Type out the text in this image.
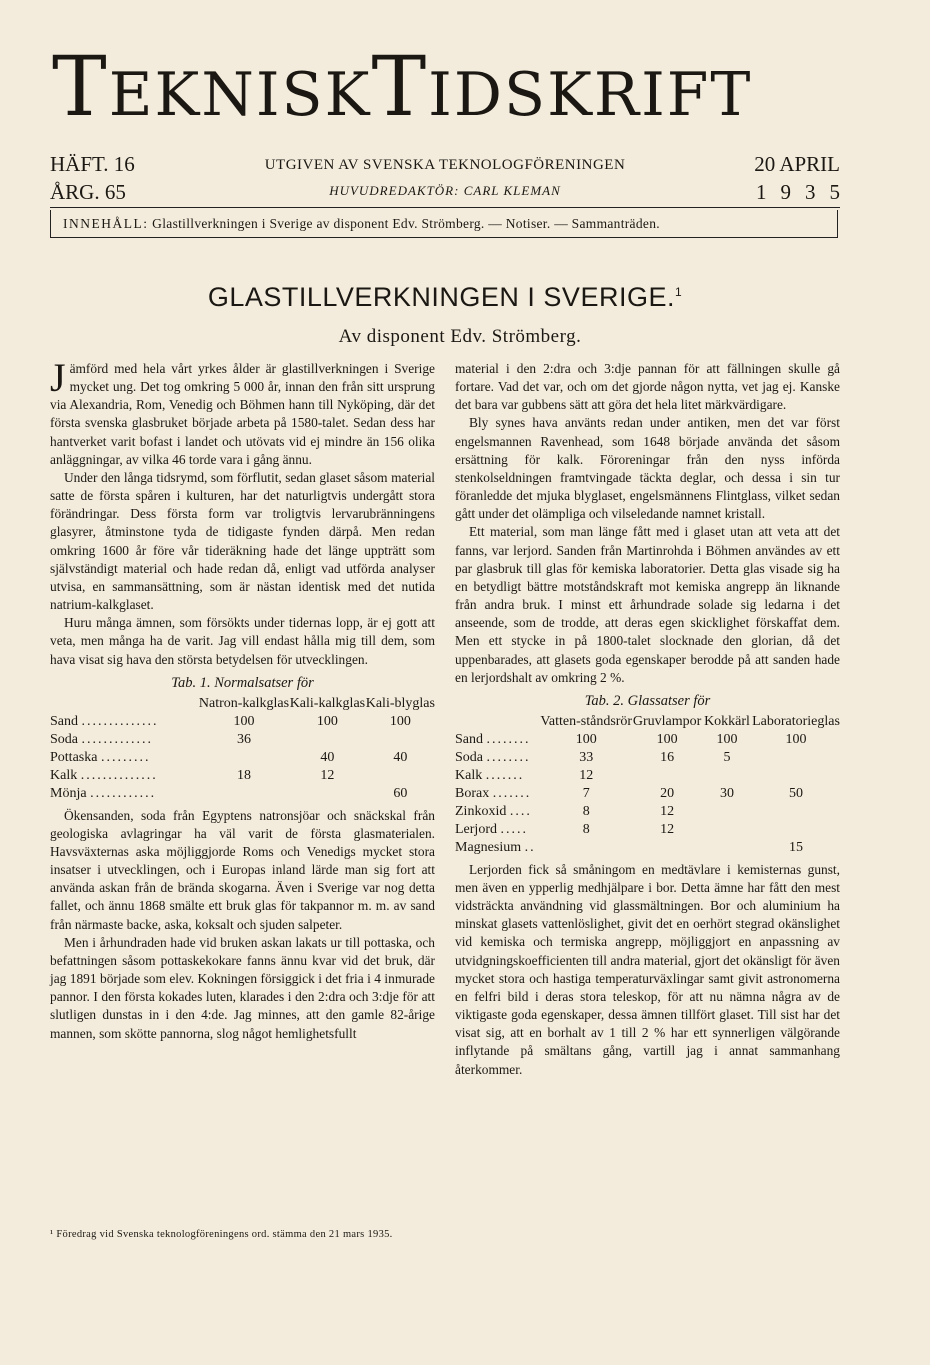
TEKNISKTIDSKRIFT
HÄFT. 16
ÅRG. 65
UTGIVEN AV SVENSKA TEKNOLOGFÖRENINGEN
HUVUDREDAKTÖR: CARL KLEMAN
20 APRIL
1935
INNEHÅLL: Glastillverkningen i Sverige av disponent Edv. Strömberg. — Notiser. — Sammanträden.
GLASTILLVERKNINGEN I SVERIGE.$^1$
Av disponent Edv. Strömberg.

Jämförd med hela vårt yrkes ålder är glastillverkningen i Sverige mycket ung. Det tog omkring 5 000 år, innan den från sitt ursprung via Alexandria, Rom, Venedig och Böhmen hann till Nyköping, där det första svenska glasbruket började arbeta på 1580-talet. Sedan dess har hantverket varit bofast i landet och utövats vid ej mindre än 156 olika anläggningar, av vilka 46 torde vara i gång ännu.

Under den långa tidsrymd, som förflutit, sedan glaset såsom material satte de första spåren i kulturen, har det naturligtvis undergått stora förändringar. Dess första form var troligtvis lervarubränningens glasyrer, åtminstone tyda de tidigaste fynden därpå. Men redan omkring 1600 år före vår tideräkning hade det länge uppträtt som självständigt material och hade redan då, enligt vad utförda analyser utvisa, en sammansättning, som är nästan identisk med det nutida natrium-kalkglaset.

Huru många ämnen, som försökts under tidernas lopp, är ej gott att veta, men många ha de varit. Jag vill endast hålla mig till dem, som hava visat sig hava den största betydelsen för utvecklingen.

Tab. 1. Normalsatser för
	Natron-kalkglas	Kali-kalkglas	Kali-blyglas
Sand ..............	100	100	100
Soda .............	36		
Pottaska .........		40	40
Kalk ..............	18	12	
Mönja ............			60

Ökensanden, soda från Egyptens natronsjöar och snäckskal från geologiska avlagringar ha väl varit de första glasmaterialen. Havsväxternas aska möjliggjorde Roms och Venedigs mycket stora insatser i utvecklingen, och i Europas inland lärde man sig fort att använda askan från de brända skogarna. Även i Sverige var nog detta fallet, och ännu 1868 smälte ett bruk glas för takpannor m. m. av sand från närmaste backe, aska, koksalt och sjuden salpeter.

Men i århundraden hade vid bruken askan lakats ur till pottaska, och befattningen såsom pottaskekokare fanns ännu kvar vid det bruk, där jag 1891 började som elev. Kokningen försiggick i det fria i 4 inmurade pannor. I den första kokades luten, klarades i den 2:dra och 3:dje för att slutligen dunstas in i den 4:de. Jag minnes, att den gamle 82-årige mannen, som skötte pannorna, slog något hemlighetsfullt

material i den 2:dra och 3:dje pannan för att fällningen skulle gå fortare. Vad det var, och om det gjorde någon nytta, vet jag ej. Kanske det bara var gubbens sätt att göra det hela litet märkvärdigare.

Bly synes hava använts redan under antiken, men det var först engelsmannen Ravenhead, som 1648 började använda det såsom ersättning för kalk. Föroreningar från den nyss införda stenkolseldningen framtvingade täckta deglar, och dessa i sin tur föranledde det mjuka blyglaset, engelsmännens Flintglass, vilket sedan gått under det olämpliga och vilseledande namnet kristall.

Ett material, som man länge fått med i glaset utan att veta att det fanns, var lerjord. Sanden från Martinrohda i Böhmen användes av ett par glasbruk till glas för kemiska laboratorier. Detta glas visade sig ha en betydligt bättre motståndskraft mot kemiska angrepp än liknande från andra bruk. I minst ett århundrade solade sig ledarna i det anseende, som de trodde, att deras egen skicklighet förskaffat dem. Men ett stycke in på 1800-talet slocknade den glorian, då det uppenbarades, att glasets goda egenskaper berodde på att sanden hade en lerjordshalt av omkring 2 %.

Tab. 2. Glassatser för
	Vatten-ståndsrör	Gruvlampor	Kokkärl	Laboratorieglas
Sand ........	100	100	100	100
Soda ........	33	16	5	
Kalk .......	12			
Borax .......	7	20	30	50
Zinkoxid ....	8	12		
Lerjord .....	8	12		
Magnesium ..				15

Lerjorden fick så småningom en medtävlare i kemisternas gunst, men även en ypperlig medhjälpare i bor. Detta ämne har fått den mest vidsträckta användning vid glassmältningen. Bor och aluminium ha minskat glasets vattenlöslighet, givit det en oerhört stegrad okänslighet vid kemiska och termiska angrepp, möjliggjort en anpassning av utvidgningskoefficienten till andra material, gjort det okänsligt för även mycket stora och hastiga temperaturväxlingar samt givit astronomerna en felfri bild i deras stora teleskop, för att nu nämna några av de viktigaste goda egenskaper, dessa ämnen tillfört glaset. Till sist har det visat sig, att en borhalt av 1 till 2 % har ett synnerligen välgörande inflytande på smältans gång, vartill jag i annat sammanhang återkommer.

¹ Föredrag vid Svenska teknologföreningens ord. stämma den 21 mars 1935.
